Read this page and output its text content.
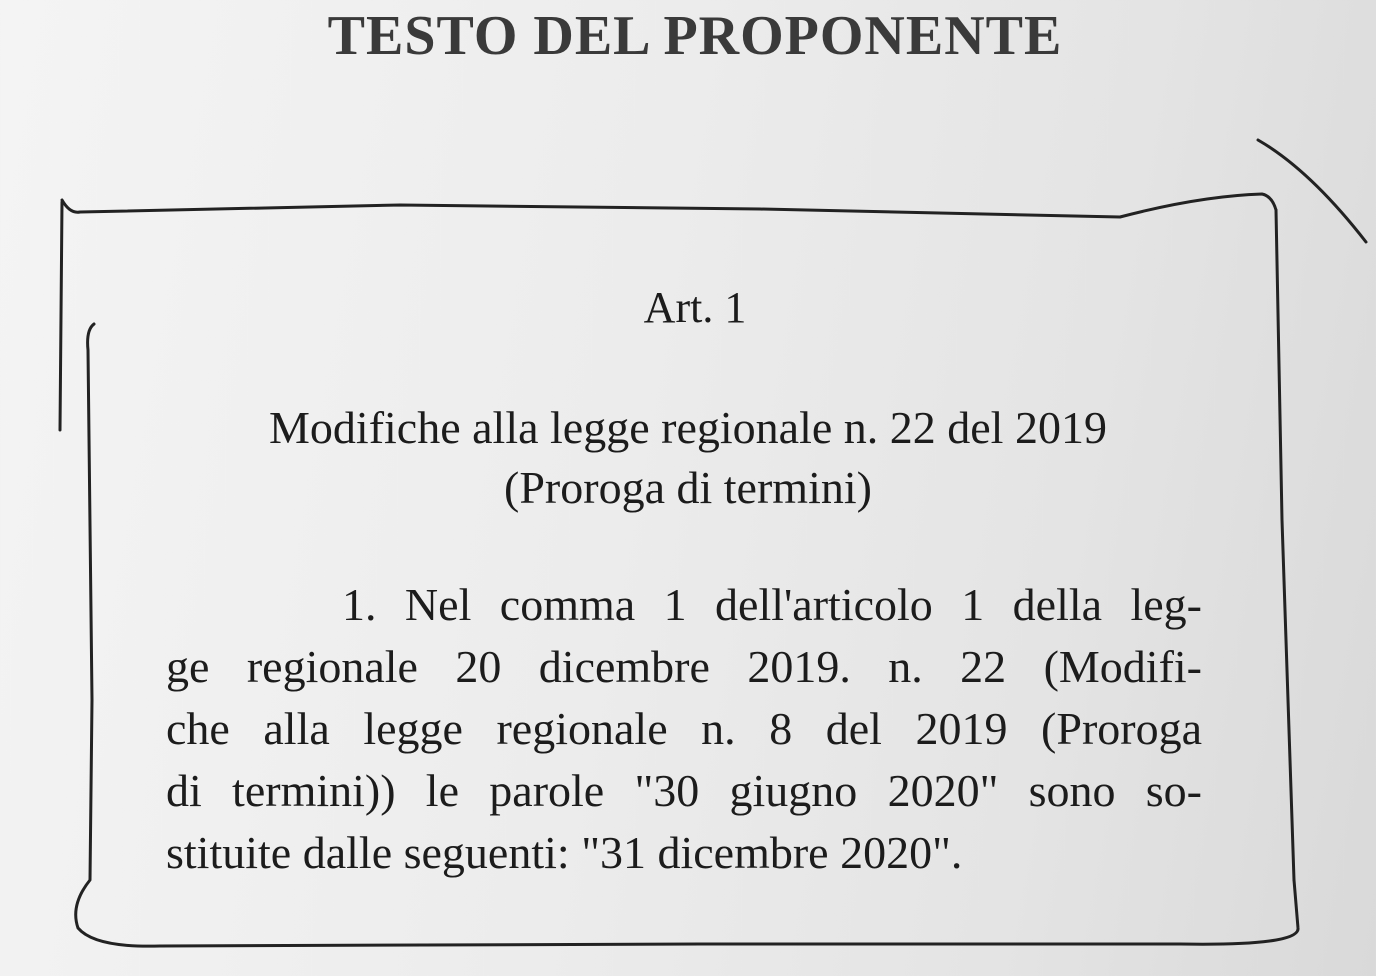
TESTO DEL PROPONENTE
Art. 1
Modifiche alla legge regionale n. 22 del 2019
(Proroga di termini)
1. Nel comma 1 dell'articolo 1 della leg-
ge regionale 20 dicembre 2019. n. 22 (Modifi-
che alla legge regionale n. 8 del 2019 (Proroga
di termini)) le parole "30 giugno 2020" sono so-
stituite dalle seguenti: "31 dicembre 2020".
